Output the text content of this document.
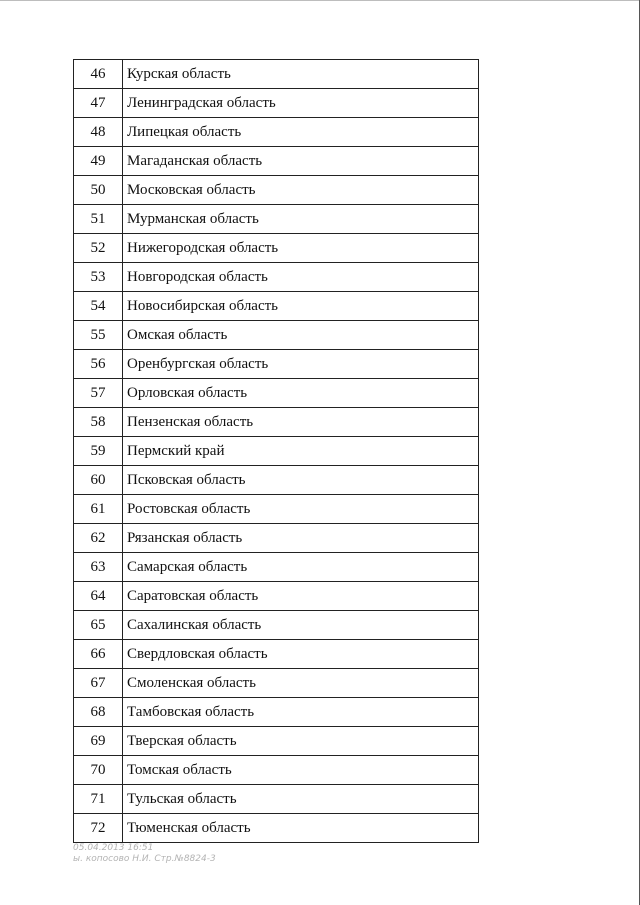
46	Курская область
47	Ленинградская область
48	Липецкая область
49	Магаданская область
50	Московская область
51	Мурманская область
52	Нижегородская область
53	Новгородская область
54	Новосибирская область
55	Омская область
56	Оренбургская область
57	Орловская область
58	Пензенская область
59	Пермский край
60	Псковская область
61	Ростовская область
62	Рязанская область
63	Самарская область
64	Саратовская область
65	Сахалинская область
66	Свердловская область
67	Смоленская область
68	Тамбовская область
69	Тверская область
70	Томская область
71	Тульская область
72	Тюменская область
05.04.2013 16:51
ы. копосово Н.И. Стр.№8824-3
